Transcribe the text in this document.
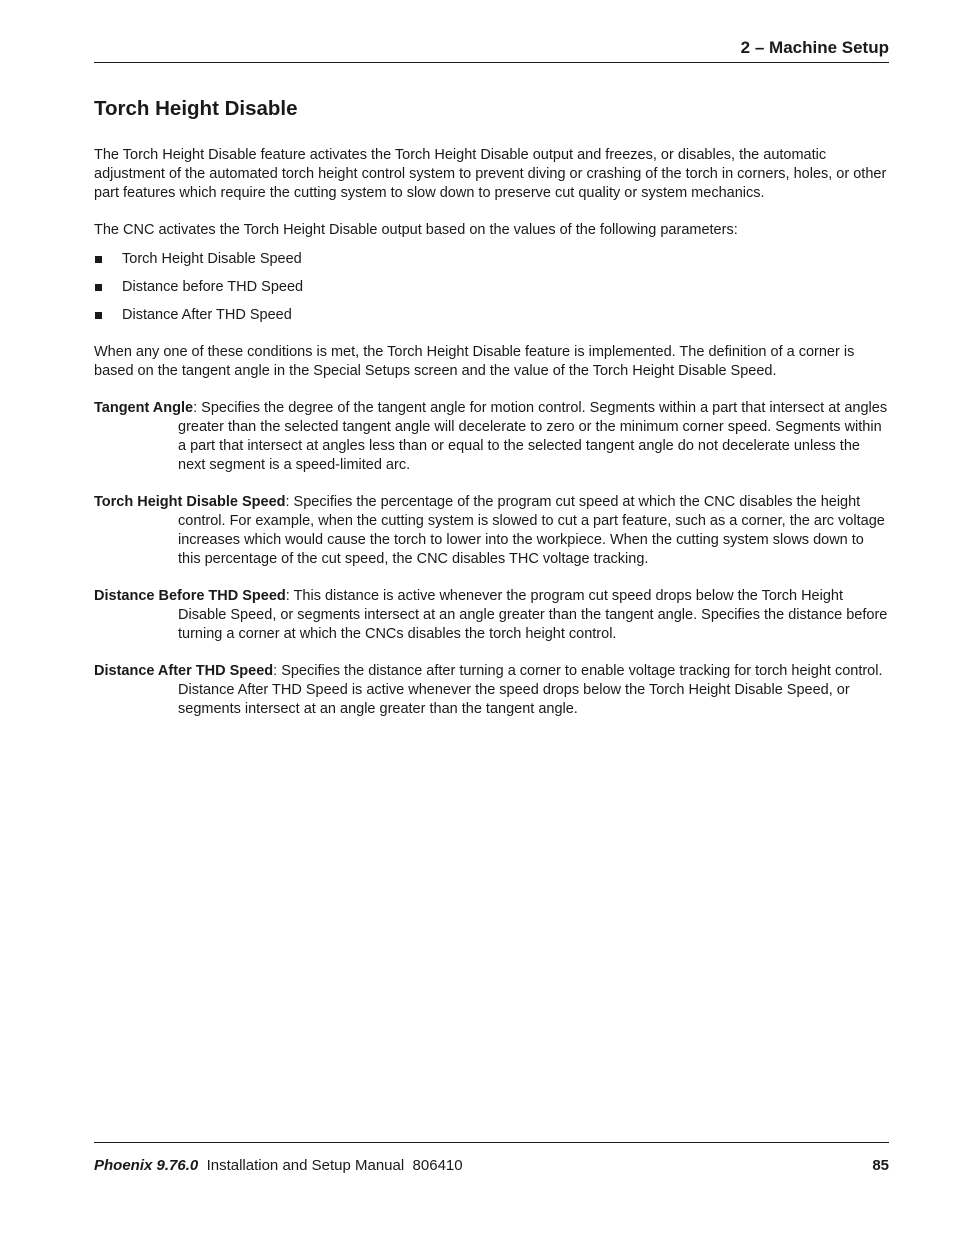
2 – Machine Setup
Torch Height Disable

The Torch Height Disable feature activates the Torch Height Disable output and freezes, or disables, the automatic adjustment of the automated torch height control system to prevent diving or crashing of the torch in corners, holes, or other part features which require the cutting system to slow down to preserve cut quality or system mechanics.

The CNC activates the Torch Height Disable output based on the values of the following parameters:

Torch Height Disable Speed
Distance before THD Speed
Distance After THD Speed

When any one of these conditions is met, the Torch Height Disable feature is implemented. The definition of a corner is based on the tangent angle in the Special Setups screen and the value of the Torch Height Disable Speed.

Tangent Angle: Specifies the degree of the tangent angle for motion control. Segments within a part that intersect at angles greater than the selected tangent angle will decelerate to zero or the minimum corner speed. Segments within a part that intersect at angles less than or equal to the selected tangent angle do not decelerate unless the next segment is a speed-limited arc.

Torch Height Disable Speed: Specifies the percentage of the program cut speed at which the CNC disables the height control. For example, when the cutting system is slowed to cut a part feature, such as a corner, the arc voltage increases which would cause the torch to lower into the workpiece. When the cutting system slows down to this percentage of the cut speed, the CNC disables THC voltage tracking.

Distance Before THD Speed: This distance is active whenever the program cut speed drops below the Torch Height Disable Speed, or segments intersect at an angle greater than the tangent angle. Specifies the distance before turning a corner at which the CNCs disables the torch height control.

Distance After THD Speed: Specifies the distance after turning a corner to enable voltage tracking for torch height control. Distance After THD Speed is active whenever the speed drops below the Torch Height Disable Speed, or segments intersect at an angle greater than the tangent angle.

Phoenix 9.76.0 Installation and Setup Manual 806410	85
